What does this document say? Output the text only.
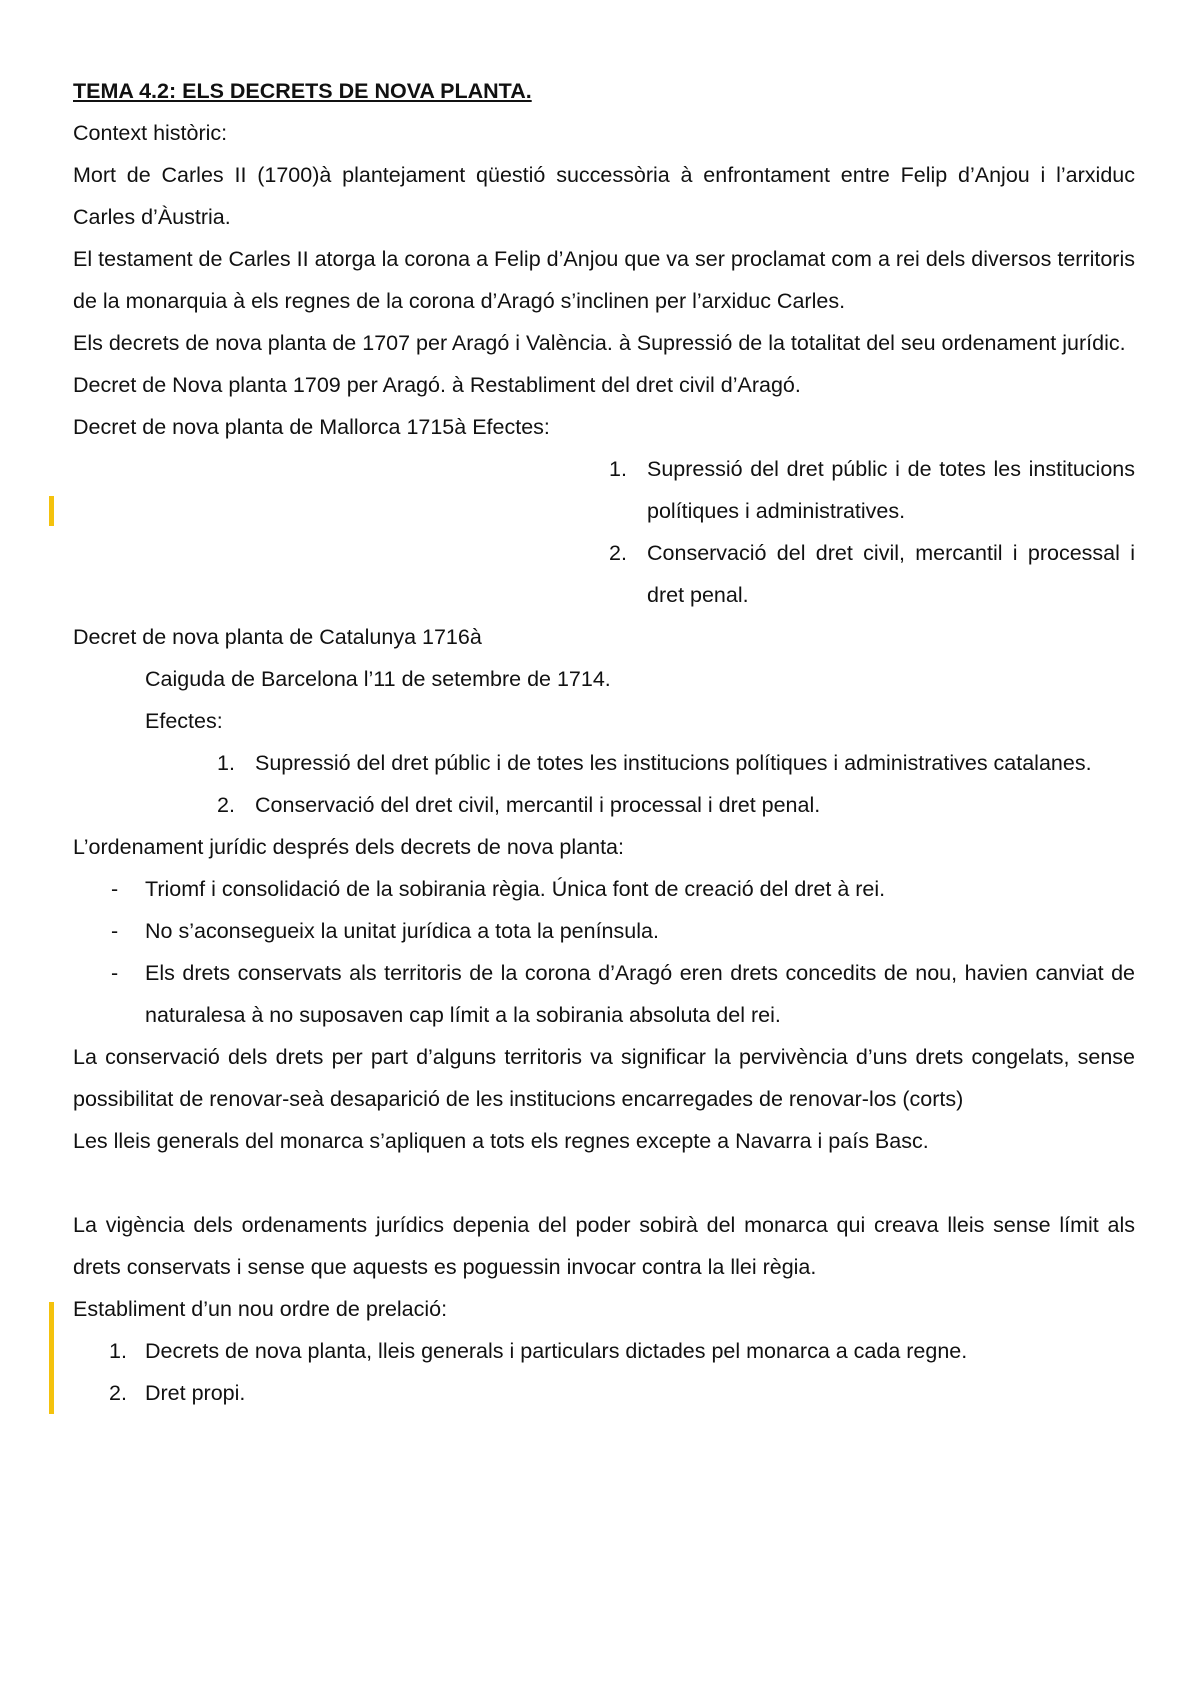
TEMA 4.2: ELS DECRETS DE NOVA PLANTA.
Context històric:
Mort de Carles II (1700)à plantejament qüestió successòria à enfrontament entre Felip d’Anjou i l’arxiduc Carles d’Àustria.
El testament de Carles II atorga la corona a Felip d’Anjou que va ser proclamat com a rei dels diversos territoris de la monarquia à els regnes de la corona d’Aragó s’inclinen per l’arxiduc Carles.
Els decrets de nova planta de 1707 per Aragó i València. à Supressió de la totalitat del seu ordenament jurídic.
Decret de Nova planta 1709 per Aragó. à Restabliment del dret civil d’Aragó.
Decret de nova planta de Mallorca 1715à Efectes:
1. Supressió del dret públic i de totes les institucions polítiques i administratives.
2. Conservació del dret civil, mercantil i processal i dret penal.
Decret de nova planta de Catalunya 1716à
Caiguda de Barcelona l’11 de setembre de 1714.
Efectes:
1. Supressió del dret públic i de totes les institucions polítiques i administratives catalanes.
2. Conservació del dret civil, mercantil i processal i dret penal.
L’ordenament jurídic després dels decrets de nova planta:
- Triomf i consolidació de la sobirania règia. Única font de creació del dret à rei.
- No s’aconsegueix la unitat jurídica a tota la península.
- Els drets conservats als territoris de la corona d’Aragó eren drets concedits de nou, havien canviat de naturalesa à no suposaven cap límit a la sobirania absoluta del rei.
La conservació dels drets per part d’alguns territoris va significar la pervivència d’uns drets congelats, sense possibilitat de renovar-seà desaparició de les institucions encarregades de renovar-los (corts)
Les lleis generals del monarca s’apliquen a tots els regnes excepte a Navarra i país Basc.
La vigència dels ordenaments jurídics depenia del poder sobirà del monarca qui creava lleis sense límit als drets conservats i sense que aquests es poguessin invocar contra la llei règia.
Establiment d’un nou ordre de prelació:
1. Decrets de nova planta, lleis generals i particulars dictades pel monarca a cada regne.
2. Dret propi.
